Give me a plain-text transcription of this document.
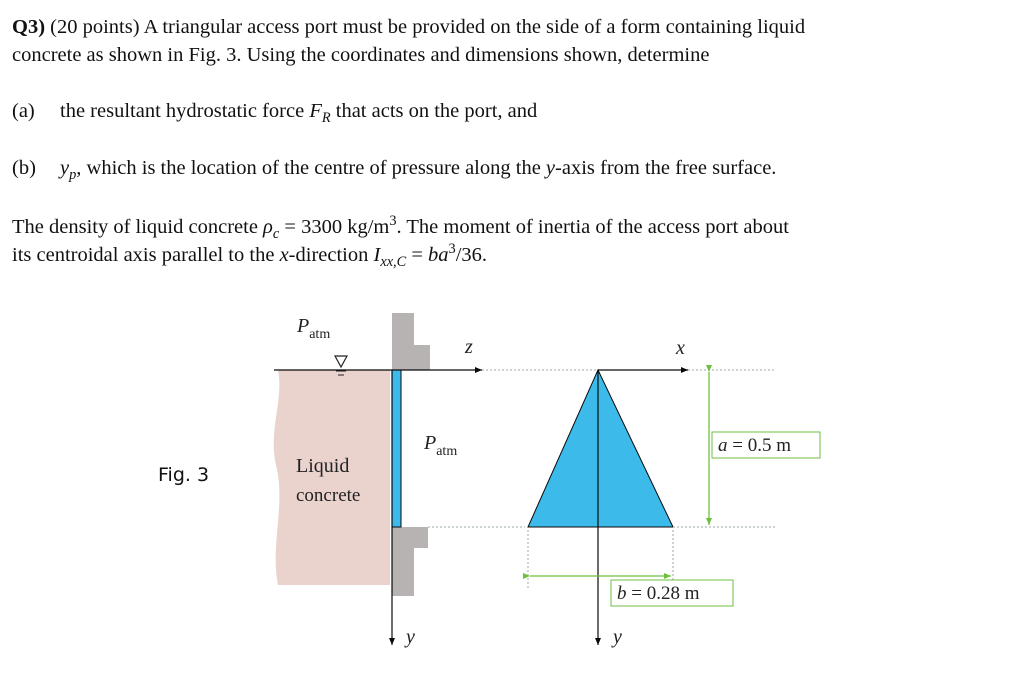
Q3) (20 points) A triangular access port must be provided on the side of a form containing liquid
concrete as shown in Fig. 3. Using the coordinates and dimensions shown, determine
(a) the resultant hydrostatic force $F_R$ that acts on the port, and
(b) $y_p$, which is the location of the centre of pressure along the y-axis from the free surface.
The density of liquid concrete $\rho_c = 3300$ $kg/m^3$. The moment of inertia of the access port about
its centroidal axis parallel to the x-direction $I_{xx,C} = ba^3/36$.
Fig. 3
Patm
Patm
Liquid
concrete
z
y
x
y
a = 0.5 m
b = 0.28 m
